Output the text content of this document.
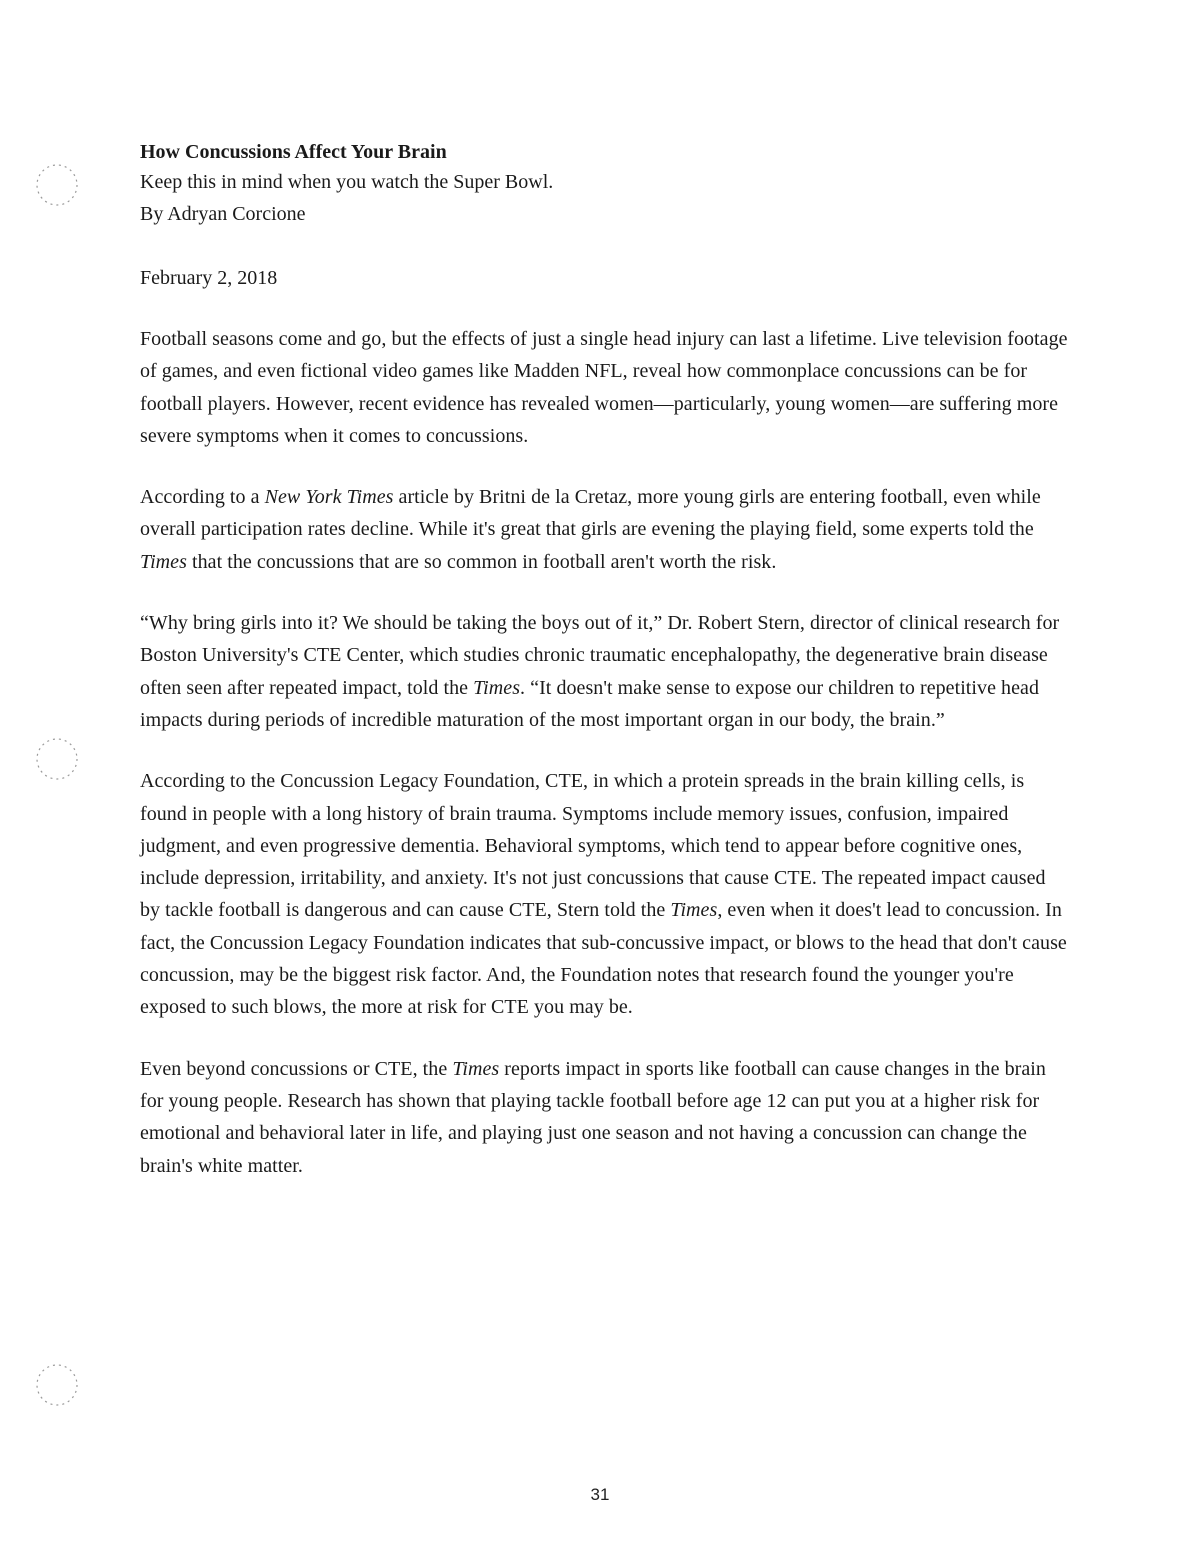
How Concussions Affect Your Brain

Keep this in mind when you watch the Super Bowl.

By Adryan Corcione

February 2, 2018

Football seasons come and go, but the effects of just a single head injury can last a lifetime. Live television footage of games, and even fictional video games like Madden NFL, reveal how commonplace concussions can be for football players. However, recent evidence has revealed women—particularly, young women—are suffering more severe symptoms when it comes to concussions.

According to a New York Times article by Britni de la Cretaz, more young girls are entering football, even while overall participation rates decline. While it's great that girls are evening the playing field, some experts told the Times that the concussions that are so common in football aren't worth the risk.

“Why bring girls into it? We should be taking the boys out of it,” Dr. Robert Stern, director of clinical research for Boston University's CTE Center, which studies chronic traumatic encephalopathy, the degenerative brain disease often seen after repeated impact, told the Times. “It doesn't make sense to expose our children to repetitive head impacts during periods of incredible maturation of the most important organ in our body, the brain.”

According to the Concussion Legacy Foundation, CTE, in which a protein spreads in the brain killing cells, is found in people with a long history of brain trauma. Symptoms include memory issues, confusion, impaired judgment, and even progressive dementia. Behavioral symptoms, which tend to appear before cognitive ones, include depression, irritability, and anxiety. It's not just concussions that cause CTE. The repeated impact caused by tackle football is dangerous and can cause CTE, Stern told the Times, even when it does't lead to concussion. In fact, the Concussion Legacy Foundation indicates that sub-concussive impact, or blows to the head that don't cause concussion, may be the biggest risk factor. And, the Foundation notes that research found the younger you're exposed to such blows, the more at risk for CTE you may be.

Even beyond concussions or CTE, the Times reports impact in sports like football can cause changes in the brain for young people. Research has shown that playing tackle football before age 12 can put you at a higher risk for emotional and behavioral later in life, and playing just one season and not having a concussion can change the brain's white matter.

31
